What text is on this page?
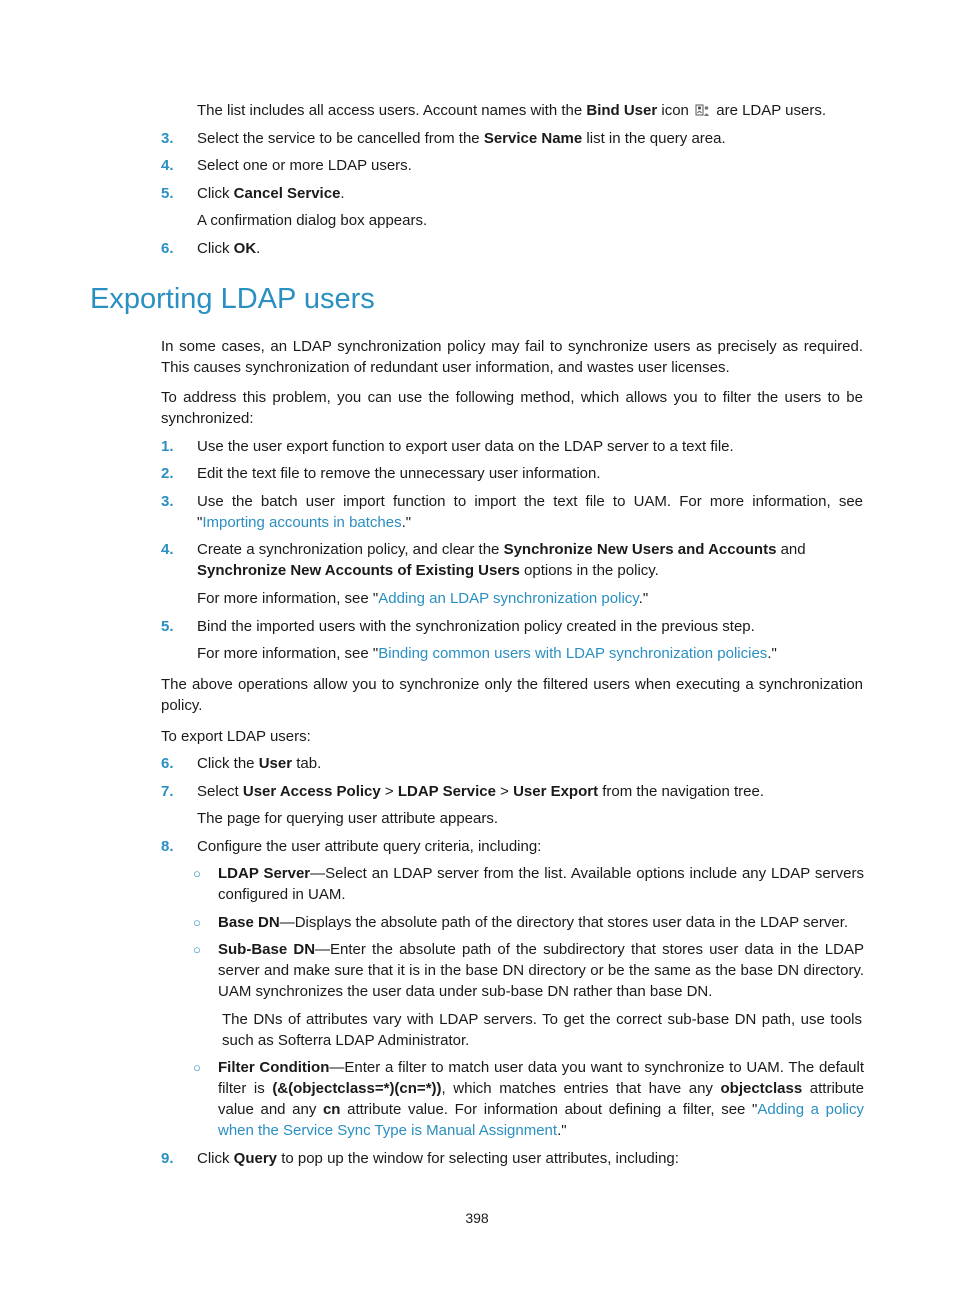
The list includes all access users. Account names with the Bind User icon  are LDAP users.
3.	Select the service to be cancelled from the Service Name list in the query area.
4.	Select one or more LDAP users.
5.	Click Cancel Service.
A confirmation dialog box appears.
6.	Click OK.
Exporting LDAP users
In some cases, an LDAP synchronization policy may fail to synchronize users as precisely as required. This causes synchronization of redundant user information, and wastes user licenses.
To address this problem, you can use the following method, which allows you to filter the users to be synchronized:
1.	Use the user export function to export user data on the LDAP server to a text file.
2.	Edit the text file to remove the unnecessary user information.
3.	Use the batch user import function to import the text file to UAM. For more information, see "Importing accounts in batches."
4.	Create a synchronization policy, and clear the Synchronize New Users and Accounts and
Synchronize New Accounts of Existing Users options in the policy.
For more information, see "Adding an LDAP synchronization policy."
5.	Bind the imported users with the synchronization policy created in the previous step.
For more information, see "Binding common users with LDAP synchronization policies."
The above operations allow you to synchronize only the filtered users when executing a synchronization policy.
To export LDAP users:
6.	Click the User tab.
7.	Select User Access Policy > LDAP Service > User Export from the navigation tree.
The page for querying user attribute appears.
8.	Configure the user attribute query criteria, including:
○	LDAP Server—Select an LDAP server from the list. Available options include any LDAP servers configured in UAM.
○	Base DN—Displays the absolute path of the directory that stores user data in the LDAP server.
○	Sub-Base DN—Enter the absolute path of the subdirectory that stores user data in the LDAP server and make sure that it is in the base DN directory or be the same as the base DN directory. UAM synchronizes the user data under sub-base DN rather than base DN.
The DNs of attributes vary with LDAP servers. To get the correct sub-base DN path, use tools such as Softerra LDAP Administrator.
○	Filter Condition—Enter a filter to match user data you want to synchronize to UAM. The default filter is (&(objectclass=*)(cn=*)), which matches entries that have any objectclass attribute value and any cn attribute value. For information about defining a filter, see "Adding a policy when the Service Sync Type is Manual Assignment."
9.	Click Query to pop up the window for selecting user attributes, including:
398
